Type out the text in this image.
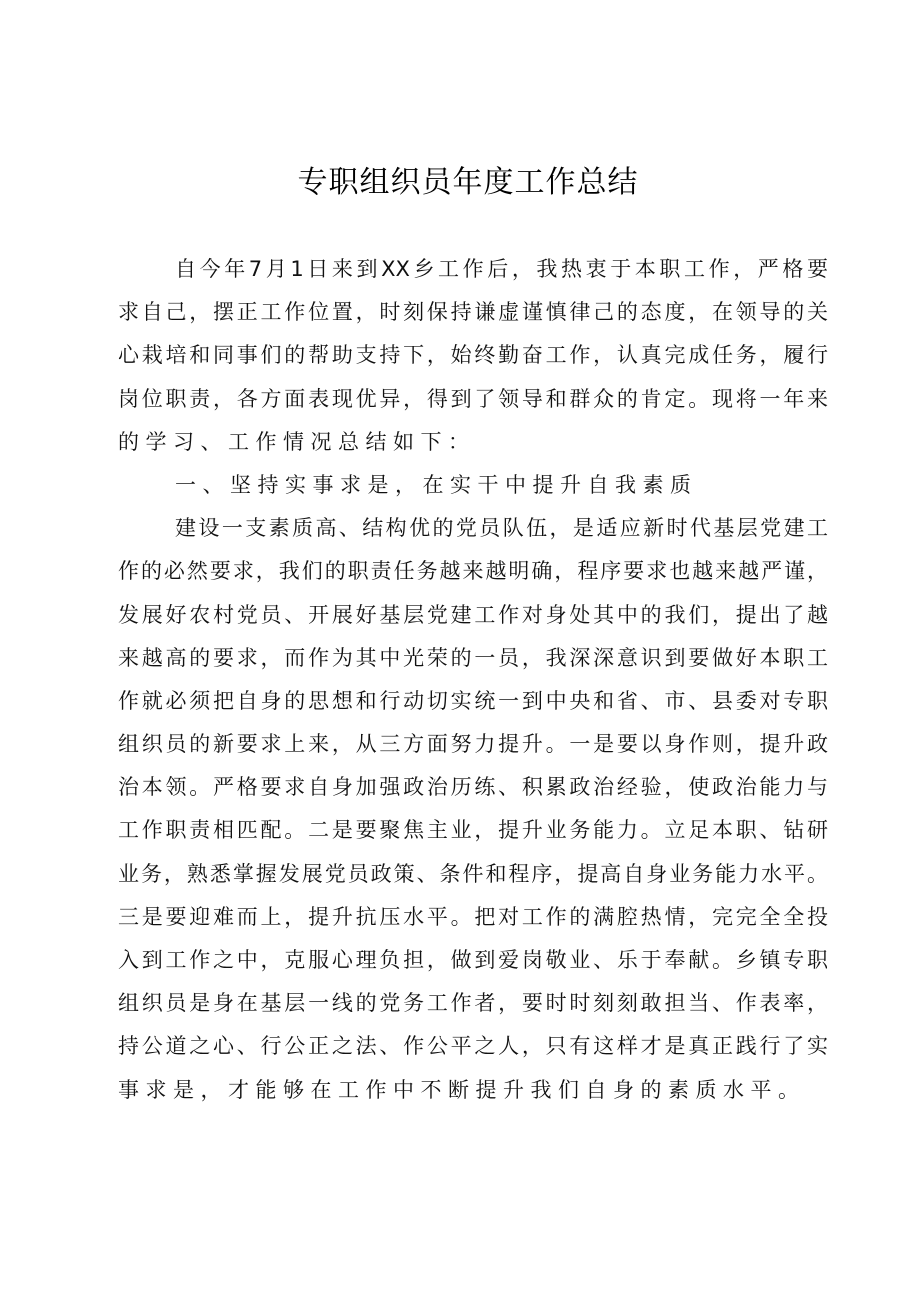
专职组织员年度工作总结
自今年7月1日来到XX乡工作后，我热衷于本职工作，严格要
求自己，摆正工作位置，时刻保持谦虚谨慎律己的态度，在领导的关
心栽培和同事们的帮助支持下，始终勤奋工作，认真完成任务，履行
岗位职责，各方面表现优异，得到了领导和群众的肯定。现将一年来
的学习、工作情况总结如下：
一、坚持实事求是，在实干中提升自我素质
建设一支素质高、结构优的党员队伍，是适应新时代基层党建工
作的必然要求，我们的职责任务越来越明确，程序要求也越来越严谨，
发展好农村党员、开展好基层党建工作对身处其中的我们，提出了越
来越高的要求，而作为其中光荣的一员，我深深意识到要做好本职工
作就必须把自身的思想和行动切实统一到中央和省、市、县委对专职
组织员的新要求上来，从三方面努力提升。一是要以身作则，提升政
治本领。严格要求自身加强政治历练、积累政治经验，使政治能力与
工作职责相匹配。二是要聚焦主业，提升业务能力。立足本职、钻研
业务，熟悉掌握发展党员政策、条件和程序，提高自身业务能力水平。
三是要迎难而上，提升抗压水平。把对工作的满腔热情，完完全全投
入到工作之中，克服心理负担，做到爱岗敬业、乐于奉献。乡镇专职
组织员是身在基层一线的党务工作者，要时时刻刻敢担当、作表率，
持公道之心、行公正之法、作公平之人，只有这样才是真正践行了实
事求是，才能够在工作中不断提升我们自身的素质水平。
